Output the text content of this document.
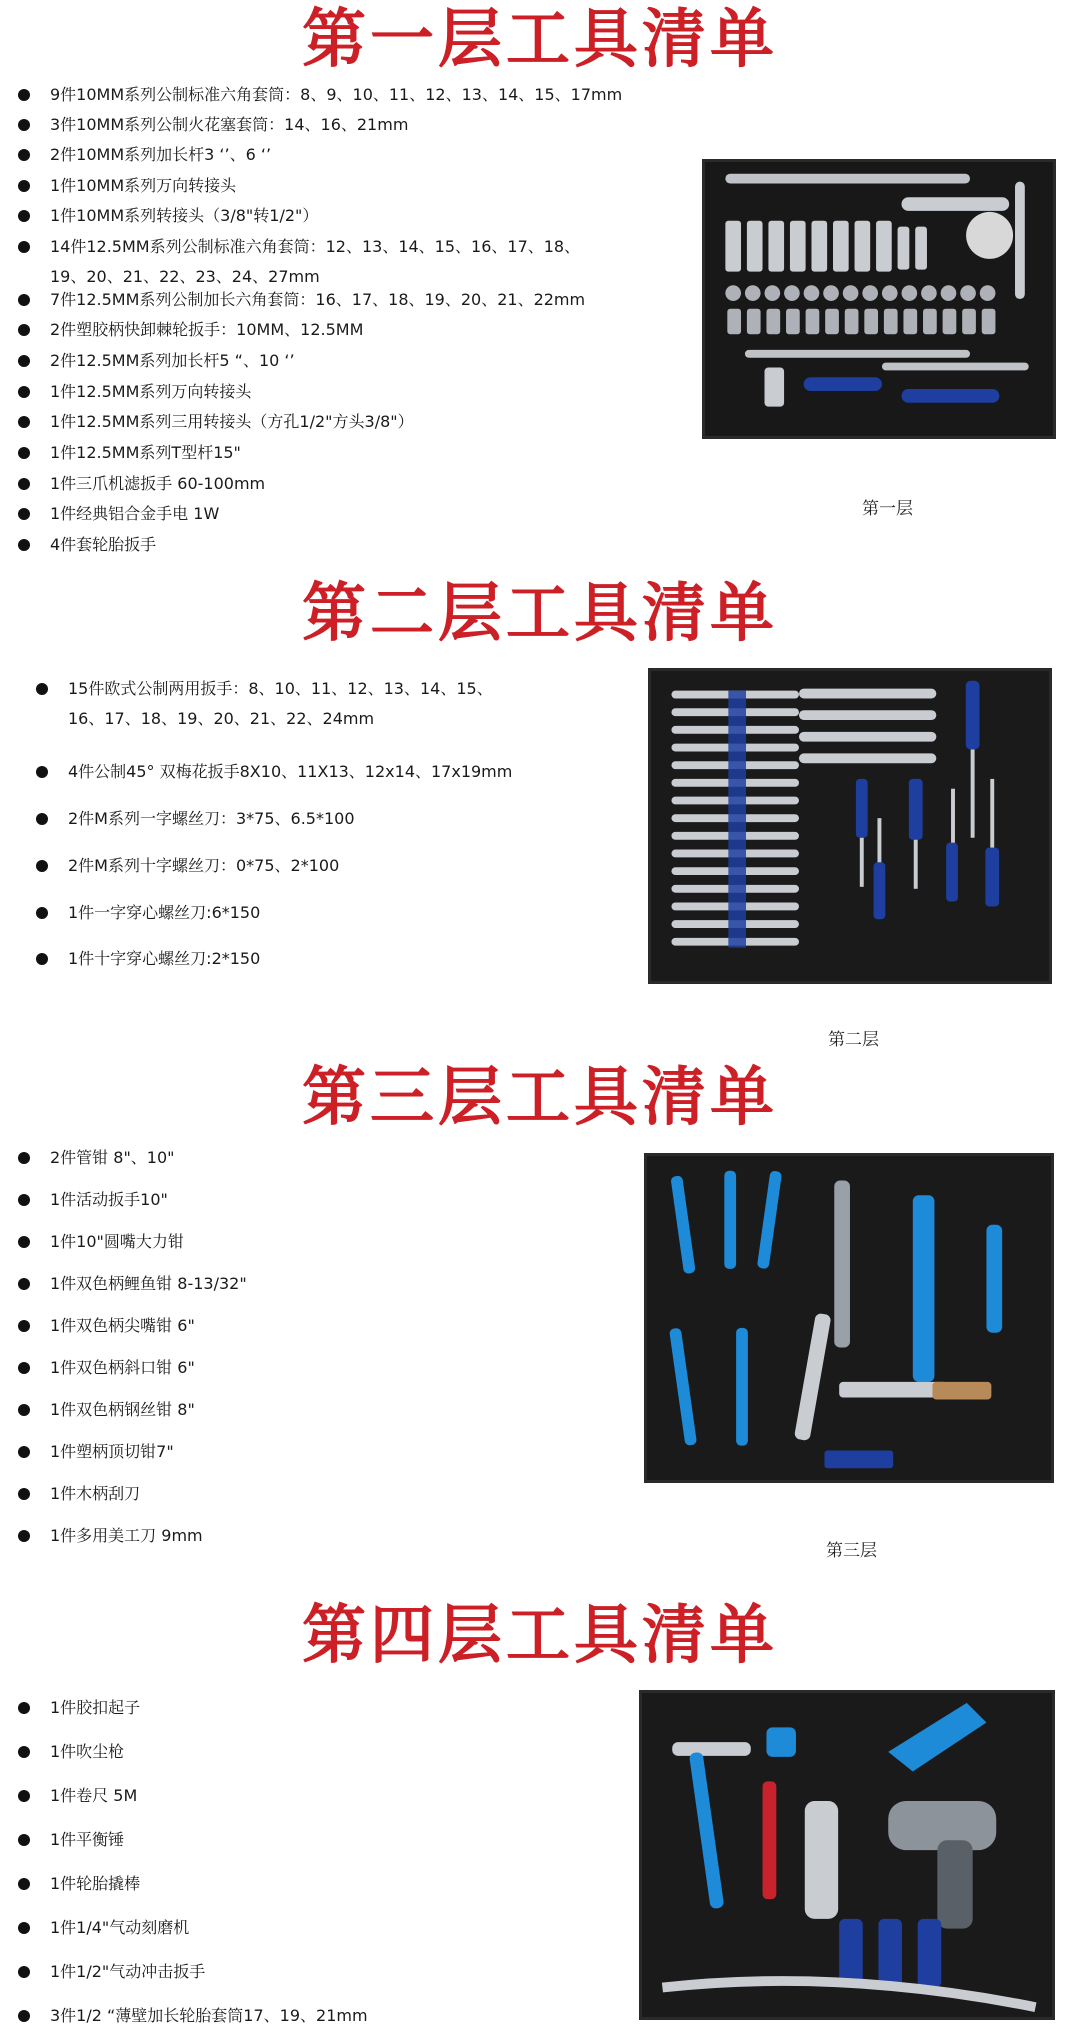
第一层工具清单
9件10MM系列公制标准六角套筒：8、9、10、11、12、13、14、15、17mm
3件10MM系列公制火花塞套筒：14、16、21mm
2件10MM系列加长杆3 ‘’、6 ‘’
1件10MM系列万向转接头
1件10MM系列转接头（3/8"转1/2"）
14件12.5MM系列公制标准六角套筒：12、13、14、15、16、17、18、
19、20、21、22、23、24、27mm
7件12.5MM系列公制加长六角套筒：16、17、18、19、20、21、22mm
2件塑胶柄快卸棘轮扳手：10MM、12.5MM
2件12.5MM系列加长杆5 “、10 ‘’
1件12.5MM系列万向转接头
1件12.5MM系列三用转接头（方孔1/2"方头3/8"）
1件12.5MM系列T型杆15"
1件三爪机滤扳手 60-100mm
1件经典铝合金手电 1W
4件套轮胎扳手
第一层
第二层工具清单
15件欧式公制两用扳手：8、10、11、12、13、14、15、
16、17、18、19、20、21、22、24mm
4件公制45° 双梅花扳手8X10、11X13、12x14、17x19mm
2件M系列一字螺丝刀：3*75、6.5*100
2件M系列十字螺丝刀：0*75、2*100
1件一字穿心螺丝刀:6*150
1件十字穿心螺丝刀:2*150
第二层
第三层工具清单
2件管钳 8"、10"
1件活动扳手10"
1件10"圆嘴大力钳
1件双色柄鲤鱼钳 8-13/32"
1件双色柄尖嘴钳 6"
1件双色柄斜口钳 6"
1件双色柄钢丝钳 8"
1件塑柄顶切钳7"
1件木柄刮刀
1件多用美工刀 9mm
第三层
第四层工具清单
1件胶扣起子
1件吹尘枪
1件卷尺 5M
1件平衡锤
1件轮胎撬棒
1件1/4"气动刻磨机
1件1/2"气动冲击扳手
3件1/2 “薄壁加长轮胎套筒17、19、21mm
